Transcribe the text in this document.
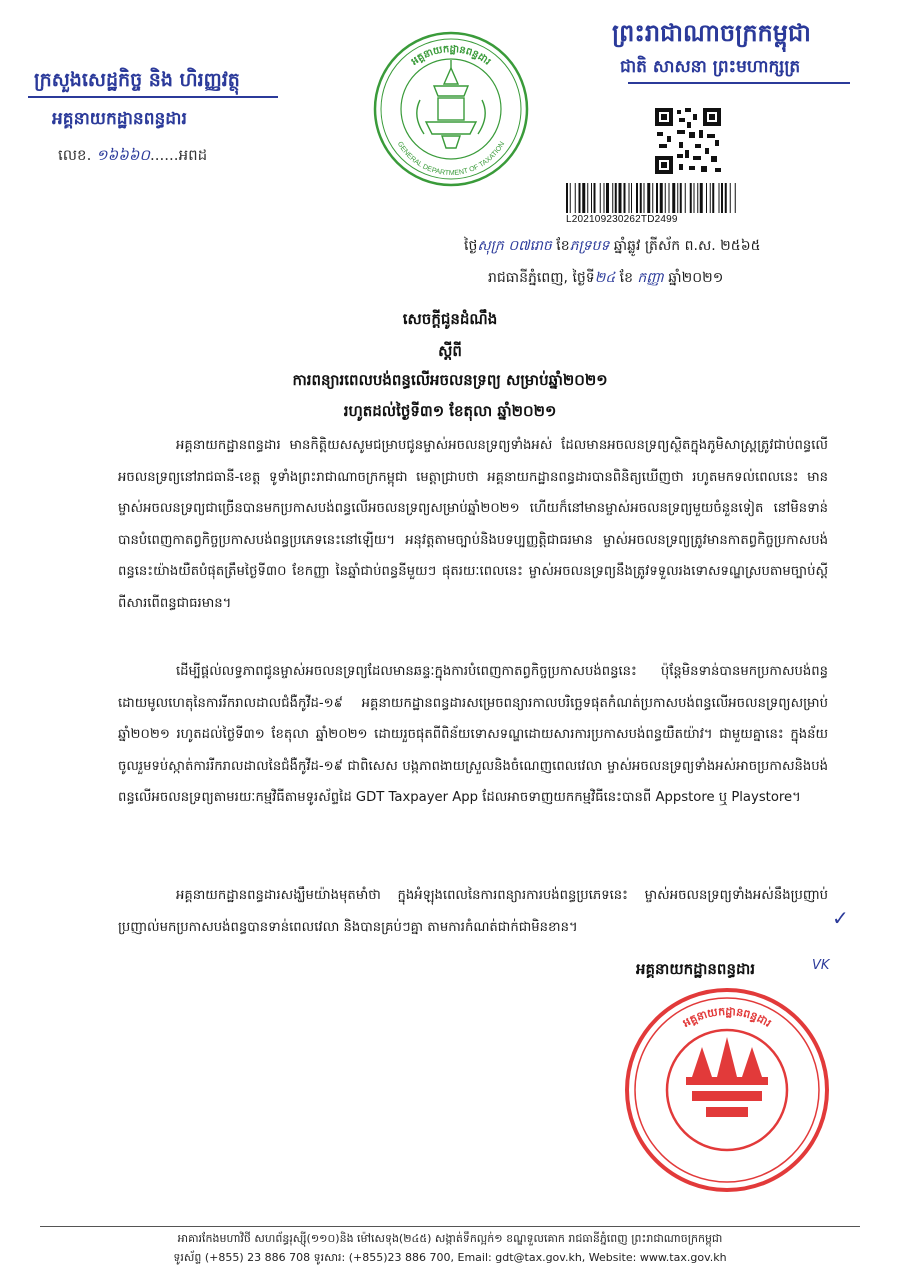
ក្រសួងសេដ្ឋកិច្ច និង ហិរញ្ញវត្ថុ
អគ្គនាយកដ្ឋានពន្ធដារ
លេខ. ១៦៦៦០......អពដ
អគ្គនាយកដ្ឋានពន្ធដារ
GENERAL DEPARTMENT OF TAXATION
ព្រះរាជាណាចក្រកម្ពុជា
ជាតិ សាសនា ព្រះមហាក្សត្រ
L202109230262TD2499
ថ្ងៃសុក្រ ០៧រោច ខែភទ្របទ ឆ្នាំឆ្លូវ ត្រីស័ក ព.ស. ២៥៦៥
រាជធានីភ្នំពេញ, ថ្ងៃទី២៤ ខែ កញ្ញា ឆ្នាំ២០២១
សេចក្តីជូនដំណឹង
ស្តីពី
ការពន្យារពេលបង់ពន្ធលើអចលនទ្រព្យ សម្រាប់ឆ្នាំ២០២១
រហូតដល់ថ្ងៃទី៣១ ខែតុលា ឆ្នាំ២០២១
អគ្គនាយកដ្ឋានពន្ធដារ មានកិត្តិយសសូមជម្រាបជូនម្ចាស់អចលនទ្រព្យទាំងអស់ ដែលមានអចលនទ្រព្យស្ថិតក្នុងភូមិសាស្ត្រត្រូវជាប់ពន្ធលើអចលនទ្រព្យនៅរាជធានី-ខេត្ត ទូទាំងព្រះរាជាណាចក្រកម្ពុជា មេត្តាជ្រាបថា អគ្គនាយកដ្ឋានពន្ធដារបានពិនិត្យឃើញថា រហូតមកទល់ពេលនេះ មានម្ចាស់អចលនទ្រព្យជាច្រើនបានមកប្រកាសបង់ពន្ធលើអចលនទ្រព្យសម្រាប់ឆ្នាំ២០២១ ហើយក៏នៅមានម្ចាស់អចលនទ្រព្យមួយចំនួនទៀត នៅមិនទាន់បានបំពេញកាតព្វកិច្ចប្រកាសបង់ពន្ធប្រភេទនេះនៅឡើយ។ អនុវត្តតាមច្បាប់និងបទប្បញ្ញត្តិជាធរមាន ម្ចាស់អចលនទ្រព្យត្រូវមានកាតព្វកិច្ចប្រកាសបង់ពន្ធនេះយ៉ាងយឺតបំផុតត្រឹមថ្ងៃទី៣០ ខែកញ្ញា នៃឆ្នាំជាប់ពន្ធនីមួយៗ ផុតរយៈពេលនេះ ម្ចាស់អចលនទ្រព្យនឹងត្រូវទទួលរងទោសទណ្ឌស្របតាមច្បាប់ស្តីពីសារពើពន្ធជាធរមាន។
ដើម្បីផ្តល់លទ្ធភាពជូនម្ចាស់អចលនទ្រព្យដែលមានឆន្ទៈក្នុងការបំពេញកាតព្វកិច្ចប្រកាសបង់ពន្ធនេះ ប៉ុន្តែមិនទាន់បានមកប្រកាសបង់ពន្ធដោយមូលហេតុនៃការរីករាលដាលជំងឺកូវីដ-១៩ អគ្គនាយកដ្ឋានពន្ធដារសម្រេចពន្យារកាលបរិច្ឆេទផុតកំណត់ប្រកាសបង់ពន្ធលើអចលនទ្រព្យសម្រាប់ឆ្នាំ២០២១ រហូតដល់ថ្ងៃទី៣១ ខែតុលា ឆ្នាំ២០២១ ដោយរួចផុតពីពិន័យទោសទណ្ឌដោយសារការប្រកាសបង់ពន្ធយឺតយ៉ាវ។ ជាមួយគ្នានេះ ក្នុងន័យចូលរួមទប់ស្កាត់ការរីករាលដាលនៃជំងឺកូវីដ-១៩ ជាពិសេស បង្កភាពងាយស្រួលនិងចំណេញពេលវេលា ម្ចាស់អចលនទ្រព្យទាំងអស់អាចប្រកាសនិងបង់ពន្ធលើអចលនទ្រព្យតាមរយៈកម្មវិធីតាមទូរស័ព្ទដៃ GDT Taxpayer App ដែលអាចទាញយកកម្មវិធីនេះបានពី Appstore ឬ Playstore។
អគ្គនាយកដ្ឋានពន្ធដារសង្ឃឹមយ៉ាងមុតមាំថា ក្នុងអំឡុងពេលនៃការពន្យារការបង់ពន្ធប្រភេទនេះ ម្ចាស់អចលនទ្រព្យទាំងអស់នឹងប្រញាប់ប្រញាល់មកប្រកាសបង់ពន្ធបានទាន់ពេលវេលា និងបានគ្រប់ៗគ្នា តាមការកំណត់ជាក់ជាមិនខាន។	✓
អគ្គនាយកដ្ឋានពន្ធដារ	VK
អគ្គនាយកដ្ឋានពន្ធដារ
អាគារកែងមហាវិថី សហព័ន្ធរុស្ស៊ី(១១០)និង ម៉ៅសេទុង(២៤៥) សង្កាត់ទឹកល្អក់១ ខណ្ឌទួលគោក រាជធានីភ្នំពេញ ព្រះរាជាណាចក្រកម្ពុជា
ទូរស័ព្ទ (+855) 23 886 708 ទូរសារ: (+855)23 886 700, Email: gdt@tax.gov.kh, Website: www.tax.gov.kh
